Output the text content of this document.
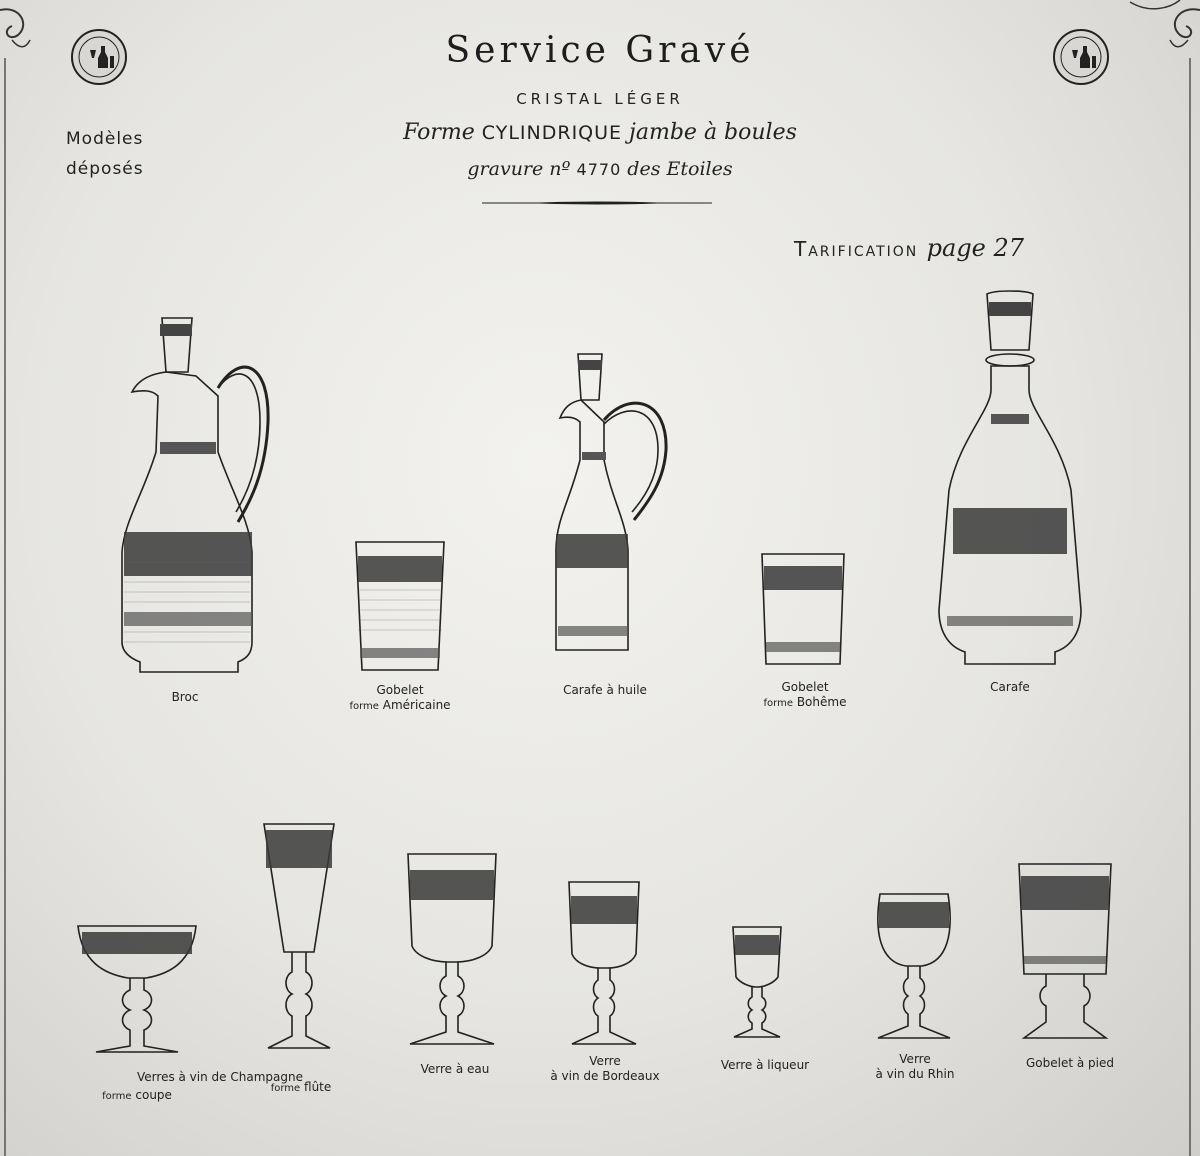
Service Gravé
CRISTAL LÉGER
Forme CYLINDRIQUE jambe à boules
gravure nº 4770 des Etoiles
Modèles
déposés
Tarification page 27
Broc	Gobelet
forme Américaine
Carafe à huile	Gobelet
forme Bohême
Carafe
Verres à vin de Champagne
forme coupe	forme flûte
Verre à eau
Verre
à vin de Bordeaux
Verre à liqueur	Verre
à vin du Rhin
Gobelet à pied
